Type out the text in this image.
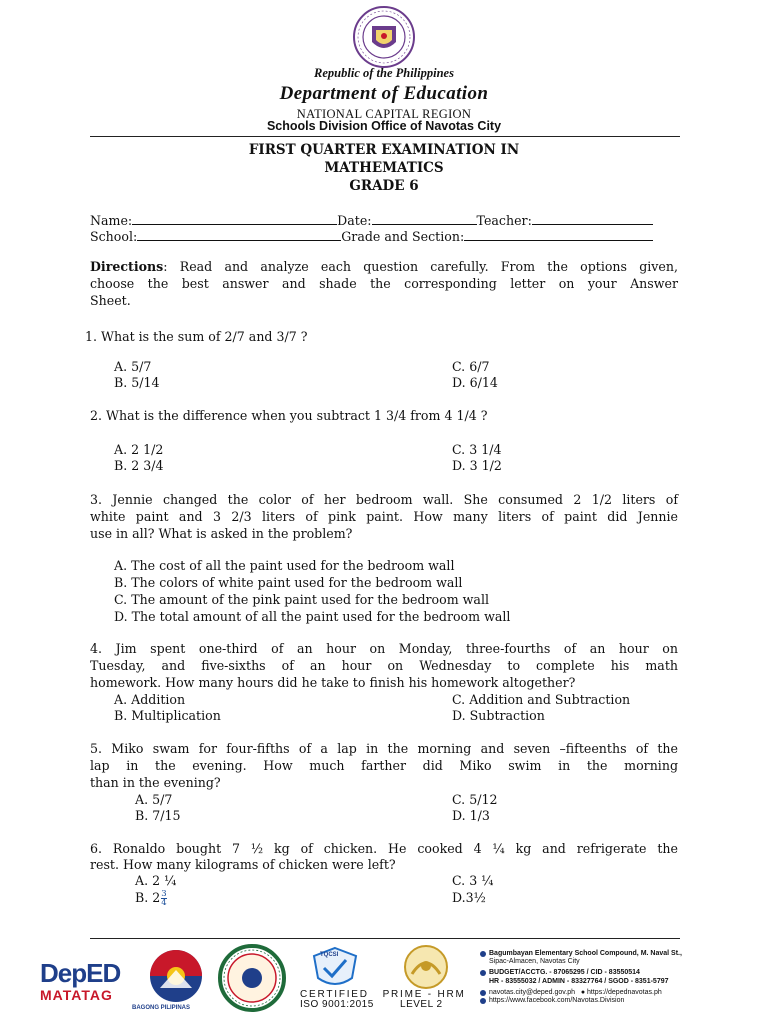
Republic of the Philippines
Department of Education
NATIONAL CAPITAL REGION
Schools Division Office of Navotas City
FIRST QUARTER EXAMINATION IN
MATHEMATICS
GRADE 6
Name:	Date:	Teacher:
School:	Grade and Section:
Directions: Read and analyze each question carefully. From the options given,
choose the best answer and shade the corresponding letter on your Answer
Sheet.
1. What is the sum of 2/7 and 3/7 ?
A. 5/7
B. 5/14
C. 6/7
D. 6/14
2. What is the difference when you subtract 1 3/4 from 4 1/4 ?
A. 2 1/2
B. 2 3/4
C. 3 1/4
D. 3 1/2
3. Jennie changed the color of her bedroom wall. She consumed 2 1/2 liters of
white paint and 3 2/3 liters of pink paint. How many liters of paint did Jennie
use in all? What is asked in the problem?
A. The cost of all the paint used for the bedroom wall
B. The colors of white paint used for the bedroom wall
C. The amount of the pink paint used for the bedroom wall
D. The total amount of all the paint used for the bedroom wall
4. Jim spent one-third of an hour on Monday, three-fourths of an hour on
Tuesday, and five-sixths of an hour on Wednesday to complete his math
homework. How many hours did he take to finish his homework altogether?
A. Addition
B. Multiplication
C. Addition and Subtraction
D. Subtraction
5. Miko swam for four-fifths of a lap in the morning and seven –fifteenths of the
lap in the evening. How much farther did Miko swim in the morning
than in the evening?
A. 5/7
B. 7/15
C. 5/12
D. 1/3
6. Ronaldo bought 7 ½ kg of chicken. He cooked 4 ¼ kg and refrigerate the
rest. How many kilograms of chicken were left?
A. 2 ¼
B. $2 \frac{3}{4}$
C. 3 ¼
D.3½
DepED
MATATAG
BAGONG PILIPINAS
TQCSI
CERTIFIED PRIME - HRM
ISO 9001:2015	LEVEL 2
Bagumbayan Elementary School Compound, M. Naval St.,
Sipac-Almacen, Navotas City
BUDGET/ACCTG. - 87065295 / CID - 83550514
HR - 83555032 / ADMIN - 83327764 / SGOD - 8351-5797
navotas.city@deped.gov.ph ● https://depednavotas.ph
https://www.facebook.com/Navotas.Division
